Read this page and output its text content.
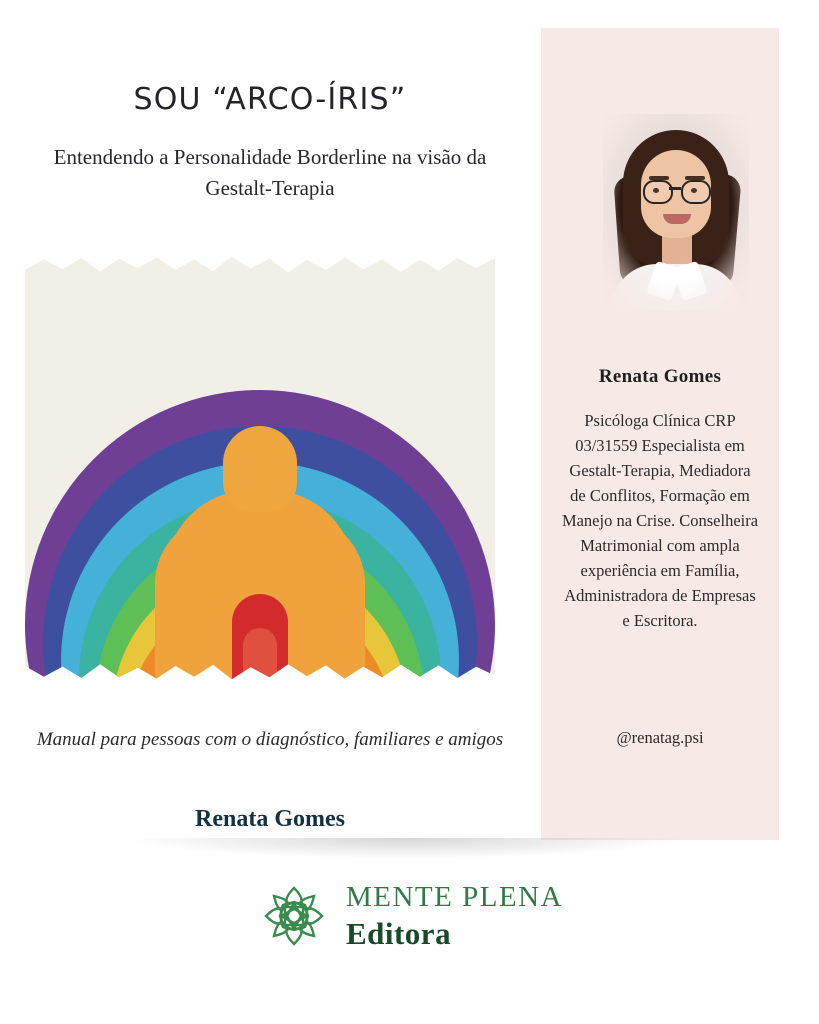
Renata Gomes
Psicóloga Clínica CRP 03/31559 Especialista em Gestalt-Terapia, Mediadora de Conflitos, Formação em Manejo na Crise. Conselheira Matrimonial com ampla experiência em Família, Administradora de Empresas e Escritora.
@renatag.psi
SOU “ARCO-ÍRIS”
Entendendo a Personalidade Borderline na visão da Gestalt-Terapia
Manual para pessoas com o diagnóstico, familiares e amigos
Renata Gomes
MENTE PLENA
Editora
